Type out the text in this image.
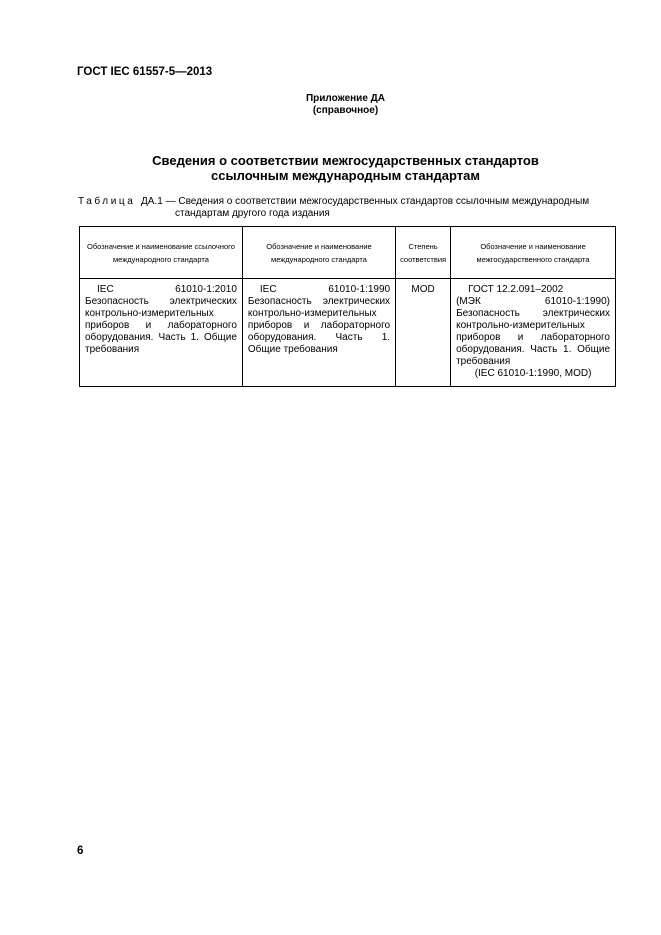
ГОСТ IEC 61557-5—2013
Приложение ДА
(справочное)
Сведения о соответствии межгосударственных стандартов
ссылочным международным стандартам
Таблица ДА.1 — Сведения о соответствии межгосударственных стандартов ссылочным международным
стандартам другого года издания
Обозначение и наименование ссылочного международного стандарта	Обозначение и наименование международного стандарта	Степень соответствия	Обозначение и наименование межгосударственного стандарта
IEC 61010-1:2010 Безопасность электрических контрольно-измерительных приборов и лабораторного оборудования. Часть 1. Общие требования	IEC 61010-1:1990 Безопасность электрических контрольно-измерительных приборов и лабораторного оборудования. Часть 1. Общие требования	MOD	ГОСТ 12.2.091–2002
(МЭК 61010-1:1990) Безопасность электрических контрольно-измерительных приборов и лабораторного оборудования. Часть 1. Общие требования
(IEC 61010-1:1990, MOD)
6
